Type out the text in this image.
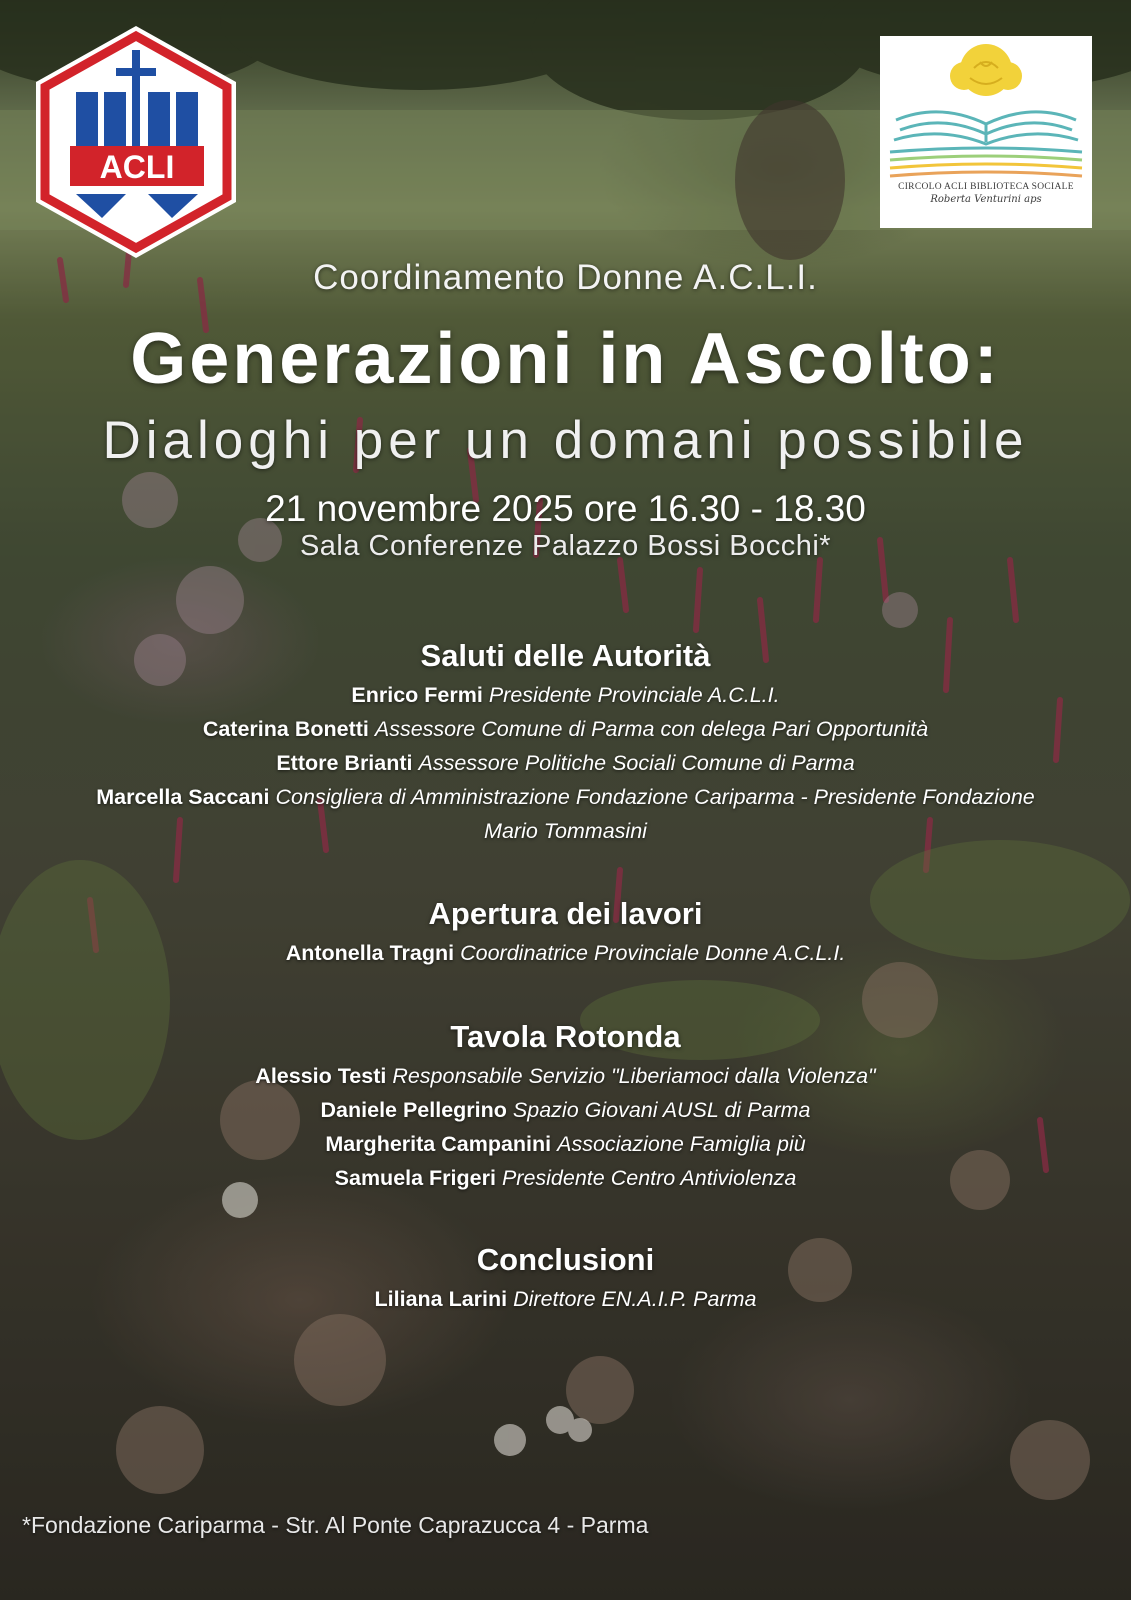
ACLI
CIRCOLO ACLI BIBLIOTECA SOCIALE
Roberta Venturini aps
Coordinamento Donne A.C.L.I.
Generazioni in Ascolto:
Dialoghi per un domani possibile
21 novembre 2025 ore 16.30 - 18.30
Sala Conferenze Palazzo Bossi Bocchi*
Saluti delle Autorità
Enrico Fermi Presidente Provinciale A.C.L.I.
Caterina Bonetti Assessore Comune di Parma con delega Pari Opportunità
Ettore Brianti Assessore Politiche Sociali Comune di Parma
Marcella Saccani Consigliera di Amministrazione Fondazione Cariparma - Presidente Fondazione
Mario Tommasini
Apertura dei lavori
Antonella Tragni Coordinatrice Provinciale Donne A.C.L.I.
Tavola Rotonda
Alessio Testi Responsabile Servizio "Liberiamoci dalla Violenza"
Daniele Pellegrino Spazio Giovani AUSL di Parma
Margherita Campanini Associazione Famiglia più
Samuela Frigeri Presidente Centro Antiviolenza
Conclusioni
Liliana Larini Direttore EN.A.I.P. Parma
*Fondazione Cariparma - Str. Al Ponte Caprazucca 4 - Parma
